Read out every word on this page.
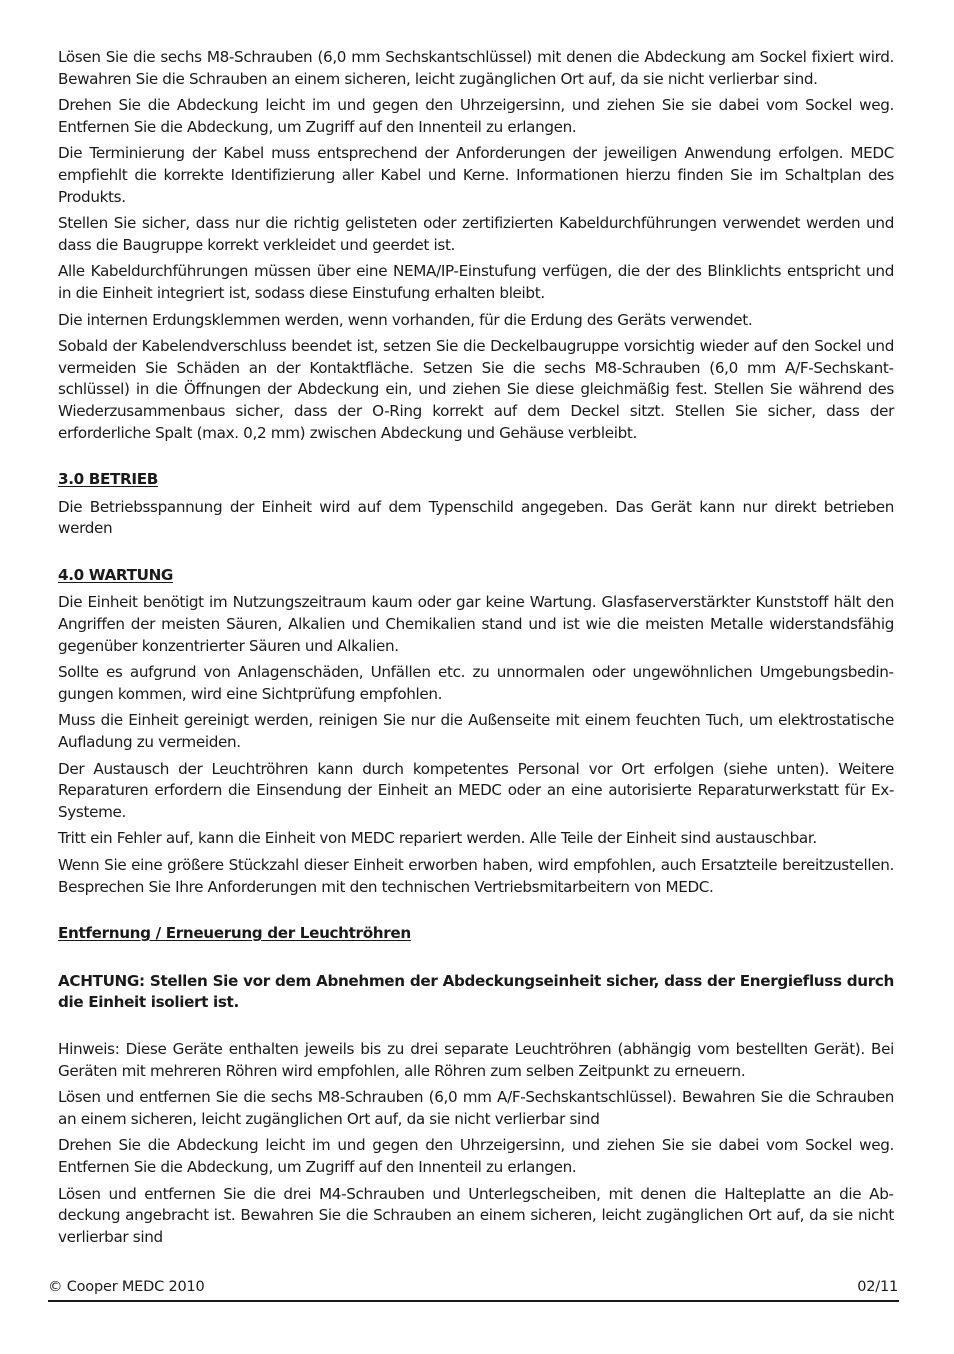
Lösen Sie die sechs M8-Schrauben (6,0 mm Sechskantschlüssel) mit denen die Abdeckung am Sockel fixiert wird. Bewahren Sie die Schrauben an einem sicheren, leicht zugänglichen Ort auf, da sie nicht verlierbar sind.

Drehen Sie die Abdeckung leicht im und gegen den Uhrzeigersinn, und ziehen Sie sie dabei vom Sockel weg. Entfernen Sie die Abdeckung, um Zugriff auf den Innenteil zu erlangen.

Die Terminierung der Kabel muss entsprechend der Anforderungen der jeweiligen Anwendung erfolgen. MEDC empfiehlt die korrekte Identifizierung aller Kabel und Kerne. Informationen hierzu finden Sie im Schaltplan des Produkts.

Stellen Sie sicher, dass nur die richtig gelisteten oder zertifizierten Kabeldurchführungen verwendet werden und dass die Baugruppe korrekt verkleidet und geerdet ist.

Alle Kabeldurchführungen müssen über eine NEMA/IP-Einstufung verfügen, die der des Blinklichts entspricht und in die Einheit integriert ist, sodass diese Einstufung erhalten bleibt.

Die internen Erdungsklemmen werden, wenn vorhanden, für die Erdung des Geräts verwendet.

Sobald der Kabelendverschluss beendet ist, setzen Sie die Deckelbaugruppe vorsichtig wieder auf den Sockel und vermeiden Sie Schäden an der Kontaktfläche. Setzen Sie die sechs M8-Schrauben (6,0 mm A/F-Sechskantschlüssel) in die Öffnungen der Abdeckung ein, und ziehen Sie diese gleichmäßig fest. Stellen Sie während des Wiederzusammenbaus sicher, dass der O-Ring korrekt auf dem Deckel sitzt. Stellen Sie sicher, dass der erforderliche Spalt (max. 0,2 mm) zwischen Abdeckung und Gehäuse verbleibt.

3.0 BETRIEB

Die Betriebsspannung der Einheit wird auf dem Typenschild angegeben. Das Gerät kann nur direkt betrieben werden

4.0 WARTUNG

Die Einheit benötigt im Nutzungszeitraum kaum oder gar keine Wartung. Glasfaserverstärkter Kunststoff hält den Angriffen der meisten Säuren, Alkalien und Chemikalien stand und ist wie die meisten Metalle widerstandsfähig gegenüber konzentrierter Säuren und Alkalien.

Sollte es aufgrund von Anlagenschäden, Unfällen etc. zu unnormalen oder ungewöhnlichen Umgebungsbedingungen kommen, wird eine Sichtprüfung empfohlen.

Muss die Einheit gereinigt werden, reinigen Sie nur die Außenseite mit einem feuchten Tuch, um elektrostatische Aufladung zu vermeiden.

Der Austausch der Leuchtröhren kann durch kompetentes Personal vor Ort erfolgen (siehe unten). Weitere Reparaturen erfordern die Einsendung der Einheit an MEDC oder an eine autorisierte Reparaturwerkstatt für Ex-Systeme.

Tritt ein Fehler auf, kann die Einheit von MEDC repariert werden. Alle Teile der Einheit sind austauschbar.

Wenn Sie eine größere Stückzahl dieser Einheit erworben haben, wird empfohlen, auch Ersatzteile bereitzustellen. Besprechen Sie Ihre Anforderungen mit den technischen Vertriebsmitarbeitern von MEDC.

Entfernung / Erneuerung der Leuchtröhren

ACHTUNG: Stellen Sie vor dem Abnehmen der Abdeckungseinheit sicher, dass der Energiefluss durch die Einheit isoliert ist.

Hinweis: Diese Geräte enthalten jeweils bis zu drei separate Leuchtröhren (abhängig vom bestellten Gerät). Bei Geräten mit mehreren Röhren wird empfohlen, alle Röhren zum selben Zeitpunkt zu erneuern.

Lösen und entfernen Sie die sechs M8-Schrauben (6,0 mm A/F-Sechskantschlüssel). Bewahren Sie die Schrauben an einem sicheren, leicht zugänglichen Ort auf, da sie nicht verlierbar sind

Drehen Sie die Abdeckung leicht im und gegen den Uhrzeigersinn, und ziehen Sie sie dabei vom Sockel weg. Entfernen Sie die Abdeckung, um Zugriff auf den Innenteil zu erlangen.

Lösen und entfernen Sie die drei M4-Schrauben und Unterlegscheiben, mit denen die Halteplatte an die Abdeckung angebracht ist. Bewahren Sie die Schrauben an einem sicheren, leicht zugänglichen Ort auf, da sie nicht verlierbar sind

© Cooper MEDC 2010	02/11
